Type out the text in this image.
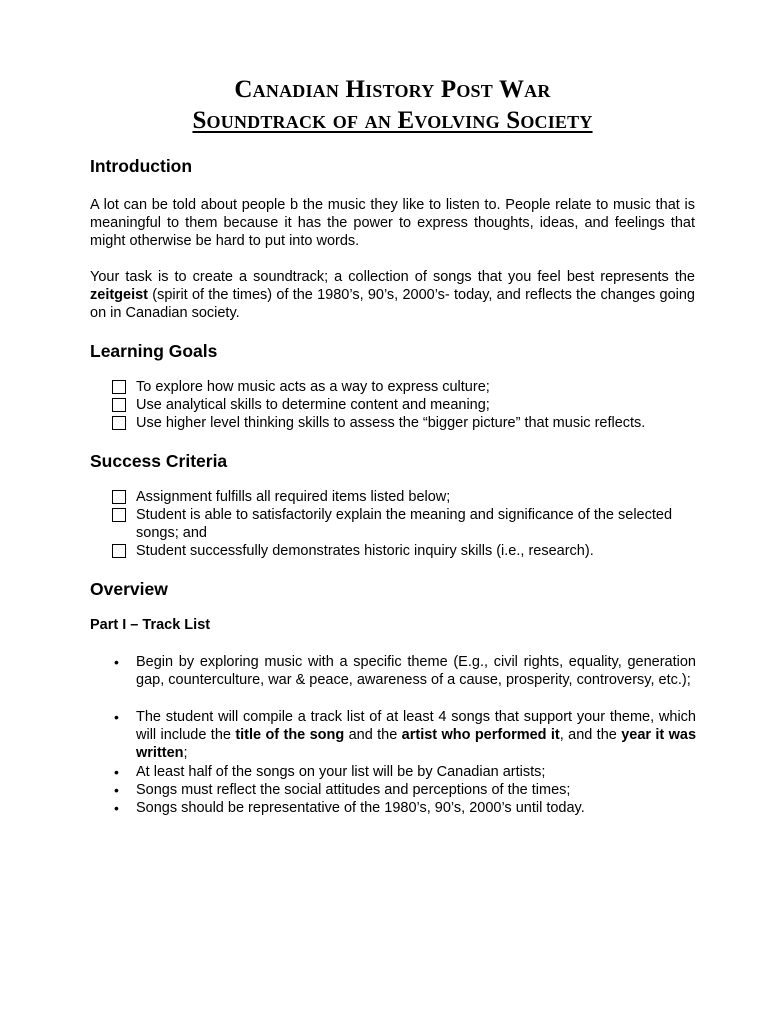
Canadian History Post War
Soundtrack of an Evolving Society
Introduction
A lot can be told about people b the music they like to listen to. People relate to music that is meaningful to them because it has the power to express thoughts, ideas, and feelings that might otherwise be hard to put into words.
Your task is to create a soundtrack; a collection of songs that you feel best represents the zeitgeist (spirit of the times) of the 1980’s, 90’s, 2000’s- today, and reflects the changes going on in Canadian society.
Learning Goals
To explore how music acts as a way to express culture;
Use analytical skills to determine content and meaning;
Use higher level thinking skills to assess the “bigger picture” that music reflects.
Success Criteria
Assignment fulfills all required items listed below;
Student is able to satisfactorily explain the meaning and significance of the selected songs; and
Student successfully demonstrates historic inquiry skills (i.e., research).
Overview
Part I – Track List
• Begin by exploring music with a specific theme (E.g., civil rights, equality, generation gap, counterculture, war & peace, awareness of a cause, prosperity, controversy, etc.);
• The student will compile a track list of at least 4 songs that support your theme, which will include the title of the song and the artist who performed it, and the year it was written;
• At least half of the songs on your list will be by Canadian artists;
• Songs must reflect the social attitudes and perceptions of the times;
• Songs should be representative of the 1980’s, 90’s, 2000’s until today.
